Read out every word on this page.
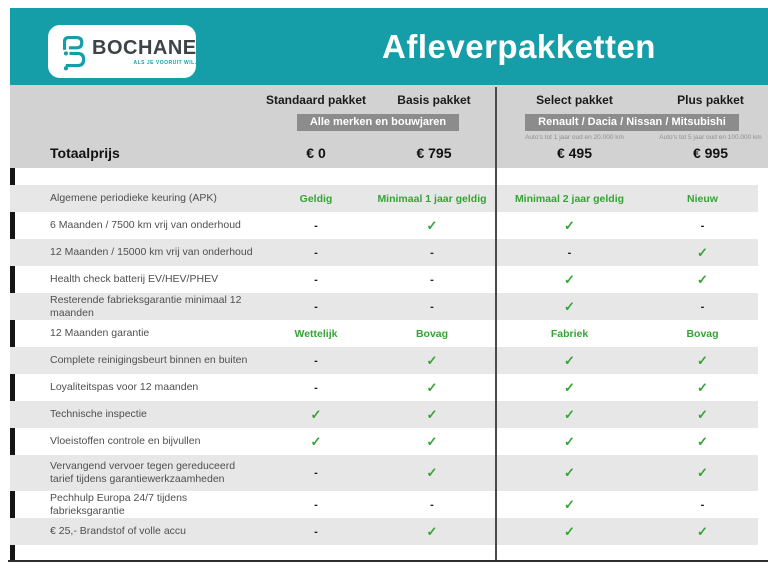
BOCHANE
ALS JE VOORUIT WIL.	Afleverpakketten
Standaard pakket	Basis pakket	Select pakket	Plus pakket
Alle merken en bouwjaren	Renault / Dacia / Nissan / Mitsubishi
Auto's tot 1 jaar oud en 20.000 km	Auto's tot 5 jaar oud en 100.000 km
Totaalprijs	€ 0	€ 795	€ 495	€ 995
Algemene periodieke keuring (APK)	Geldig	Minimaal 1 jaar geldig	Minimaal 2 jaar geldig	Nieuw
6 Maanden / 7500 km vrij van onderhoud	-	✓	✓	-
12 Maanden / 15000 km vrij van onderhoud	-	-	-	✓
Health check batterij EV/HEV/PHEV	-	-	✓	✓
Resterende fabrieksgarantie minimaal 12 maanden	-	-	✓	-
12 Maanden garantie	Wettelijk	Bovag	Fabriek	Bovag
Complete reinigingsbeurt binnen en buiten	-	✓	✓	✓
Loyaliteitspas voor 12 maanden	-	✓	✓	✓
Technische inspectie	✓	✓	✓	✓
Vloeistoffen controle en bijvullen	✓	✓	✓	✓
Vervangend vervoer tegen gereduceerd tarief tijdens garantiewerkzaamheden	-	✓	✓	✓
Pechhulp Europa 24/7 tijdens fabrieksgarantie	-	-	✓	-
€ 25,- Brandstof of volle accu	-	✓	✓	✓
